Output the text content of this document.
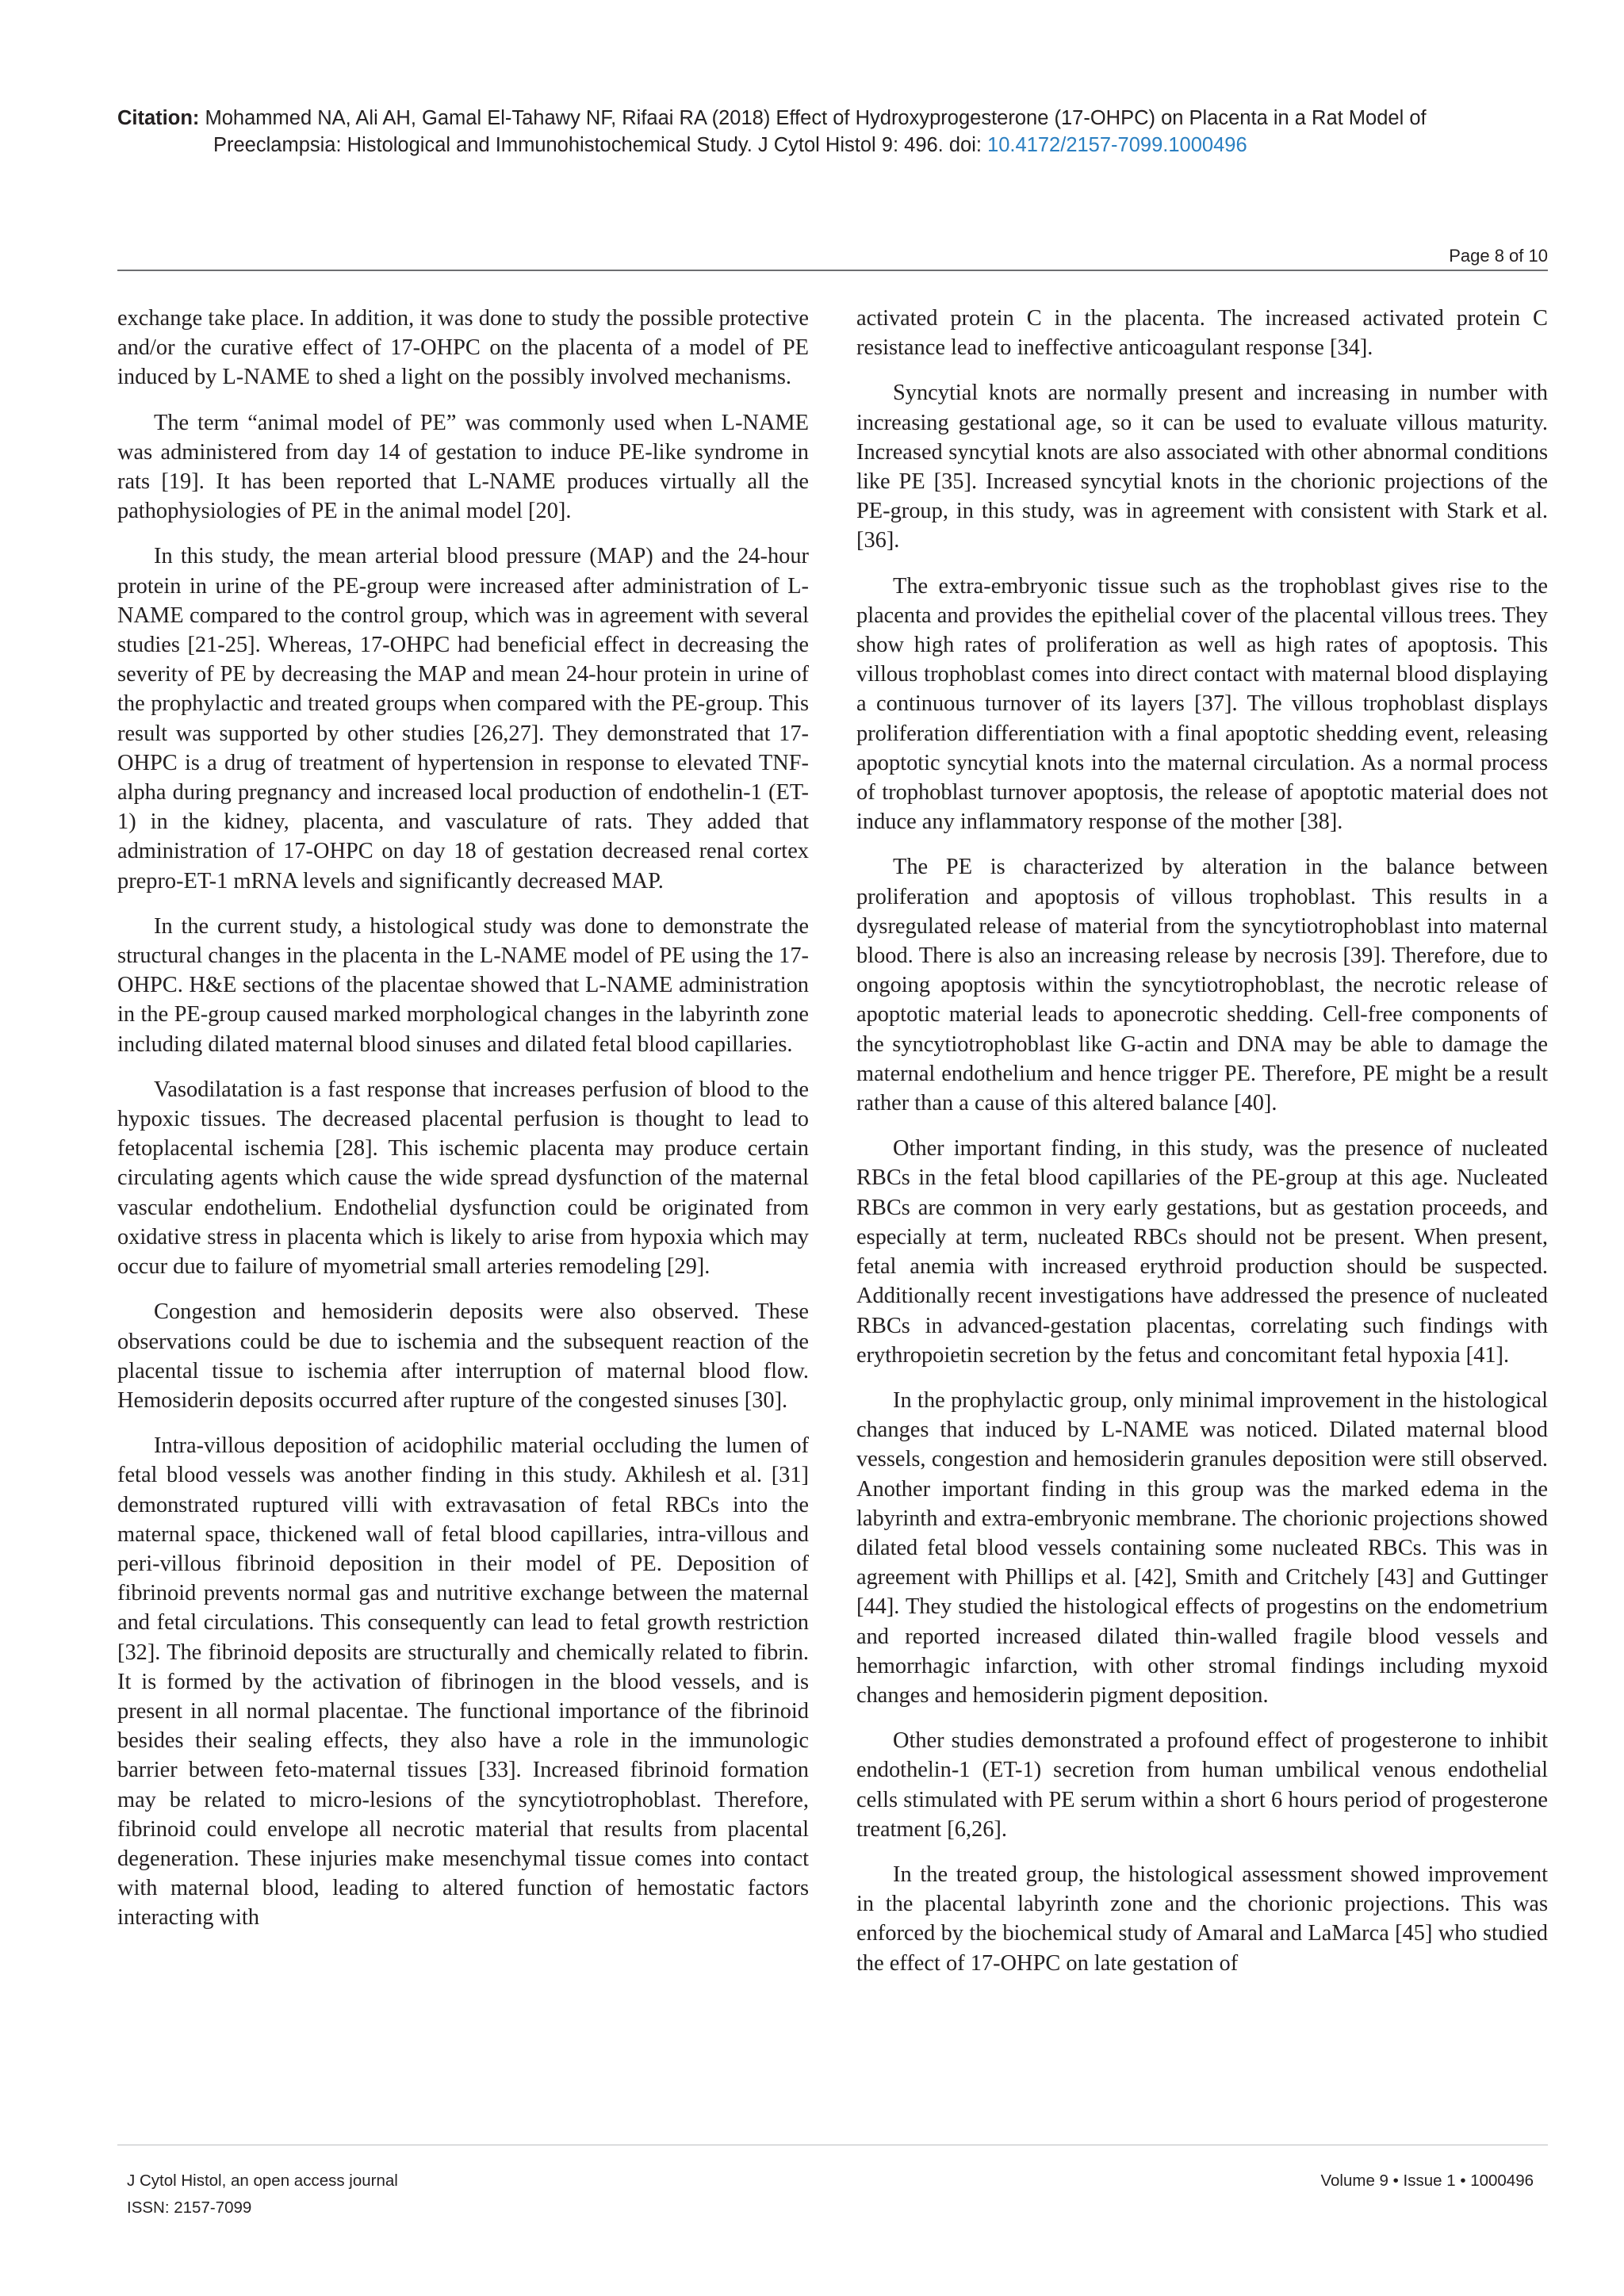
Citation:
Mohammed NA, Ali AH, Gamal El-Tahawy NF, Rifaai RA (2018) Effect of Hydroxyprogesterone (17-OHPC) on Placenta in a Rat Model of
Preeclampsia: Histological and Immunohistochemical Study. J Cytol Histol 9: 496. doi: 10.4172/2157-7099.1000496
Page 8 of 10

exchange take place. In addition, it was done to study the possible protective and/or the curative effect of 17-OHPC on the placenta of a model of PE induced by L-NAME to shed a light on the possibly involved mechanisms.

The term “animal model of PE” was commonly used when L-NAME was administered from day 14 of gestation to induce PE-like syndrome in rats [19]. It has been reported that L-NAME produces virtually all the pathophysiologies of PE in the animal model [20].

In this study, the mean arterial blood pressure (MAP) and the 24-hour protein in urine of the PE-group were increased after administration of L-NAME compared to the control group, which was in agreement with several studies [21-25]. Whereas, 17-OHPC had beneficial effect in decreasing the severity of PE by decreasing the MAP and mean 24-hour protein in urine of the prophylactic and treated groups when compared with the PE-group. This result was supported by other studies [26,27]. They demonstrated that 17-OHPC is a drug of treatment of hypertension in response to elevated TNF-alpha during pregnancy and increased local production of endothelin-1 (ET-1) in the kidney, placenta, and vasculature of rats. They added that administration of 17-OHPC on day 18 of gestation decreased renal cortex prepro-ET-1 mRNA levels and significantly decreased MAP.

In the current study, a histological study was done to demonstrate the structural changes in the placenta in the L-NAME model of PE using the 17-OHPC. H&E sections of the placentae showed that L-NAME administration in the PE-group caused marked morphological changes in the labyrinth zone including dilated maternal blood sinuses and dilated fetal blood capillaries.

Vasodilatation is a fast response that increases perfusion of blood to the hypoxic tissues. The decreased placental perfusion is thought to lead to fetoplacental ischemia [28]. This ischemic placenta may produce certain circulating agents which cause the wide spread dysfunction of the maternal vascular endothelium. Endothelial dysfunction could be originated from oxidative stress in placenta which is likely to arise from hypoxia which may occur due to failure of myometrial small arteries remodeling [29].

Congestion and hemosiderin deposits were also observed. These observations could be due to ischemia and the subsequent reaction of the placental tissue to ischemia after interruption of maternal blood flow. Hemosiderin deposits occurred after rupture of the congested sinuses [30].

Intra-villous deposition of acidophilic material occluding the lumen of fetal blood vessels was another finding in this study. Akhilesh et al. [31] demonstrated ruptured villi with extravasation of fetal RBCs into the maternal space, thickened wall of fetal blood capillaries, intra-villous and peri-villous fibrinoid deposition in their model of PE. Deposition of fibrinoid prevents normal gas and nutritive exchange between the maternal and fetal circulations. This consequently can lead to fetal growth restriction [32]. The fibrinoid deposits are structurally and chemically related to fibrin. It is formed by the activation of fibrinogen in the blood vessels, and is present in all normal placentae. The functional importance of the fibrinoid besides their sealing effects, they also have a role in the immunologic barrier between feto-maternal tissues [33]. Increased fibrinoid formation may be related to micro-lesions of the syncytiotrophoblast. Therefore, fibrinoid could envelope all necrotic material that results from placental degeneration. These injuries make mesenchymal tissue comes into contact with maternal blood, leading to altered function of hemostatic factors interacting with

activated protein C in the placenta. The increased activated protein C resistance lead to ineffective anticoagulant response [34].

Syncytial knots are normally present and increasing in number with increasing gestational age, so it can be used to evaluate villous maturity. Increased syncytial knots are also associated with other abnormal conditions like PE [35]. Increased syncytial knots in the chorionic projections of the PE-group, in this study, was in agreement with consistent with Stark et al. [36].

The extra-embryonic tissue such as the trophoblast gives rise to the placenta and provides the epithelial cover of the placental villous trees. They show high rates of proliferation as well as high rates of apoptosis. This villous trophoblast comes into direct contact with maternal blood displaying a continuous turnover of its layers [37]. The villous trophoblast displays proliferation differentiation with a final apoptotic shedding event, releasing apoptotic syncytial knots into the maternal circulation. As a normal process of trophoblast turnover apoptosis, the release of apoptotic material does not induce any inflammatory response of the mother [38].

The PE is characterized by alteration in the balance between proliferation and apoptosis of villous trophoblast. This results in a dysregulated release of material from the syncytiotrophoblast into maternal blood. There is also an increasing release by necrosis [39]. Therefore, due to ongoing apoptosis within the syncytiotrophoblast, the necrotic release of apoptotic material leads to aponecrotic shedding. Cell-free components of the syncytiotrophoblast like G-actin and DNA may be able to damage the maternal endothelium and hence trigger PE. Therefore, PE might be a result rather than a cause of this altered balance [40].

Other important finding, in this study, was the presence of nucleated RBCs in the fetal blood capillaries of the PE-group at this age. Nucleated RBCs are common in very early gestations, but as gestation proceeds, and especially at term, nucleated RBCs should not be present. When present, fetal anemia with increased erythroid production should be suspected. Additionally recent investigations have addressed the presence of nucleated RBCs in advanced-gestation placentas, correlating such findings with erythropoietin secretion by the fetus and concomitant fetal hypoxia [41].

In the prophylactic group, only minimal improvement in the histological changes that induced by L-NAME was noticed. Dilated maternal blood vessels, congestion and hemosiderin granules deposition were still observed. Another important finding in this group was the marked edema in the labyrinth and extra-embryonic membrane. The chorionic projections showed dilated fetal blood vessels containing some nucleated RBCs. This was in agreement with Phillips et al. [42], Smith and Critchely [43] and Guttinger [44]. They studied the histological effects of progestins on the endometrium and reported increased dilated thin-walled fragile blood vessels and hemorrhagic infarction, with other stromal findings including myxoid changes and hemosiderin pigment deposition.

Other studies demonstrated a profound effect of progesterone to inhibit endothelin-1 (ET-1) secretion from human umbilical venous endothelial cells stimulated with PE serum within a short 6 hours period of progesterone treatment [6,26].

In the treated group, the histological assessment showed improvement in the placental labyrinth zone and the chorionic projections. This was enforced by the biochemical study of Amaral and LaMarca [45] who studied the effect of 17-OHPC on late gestation of

J Cytol Histol, an open access journal
ISSN: 2157-7099
Volume 9 • Issue 1 • 1000496
